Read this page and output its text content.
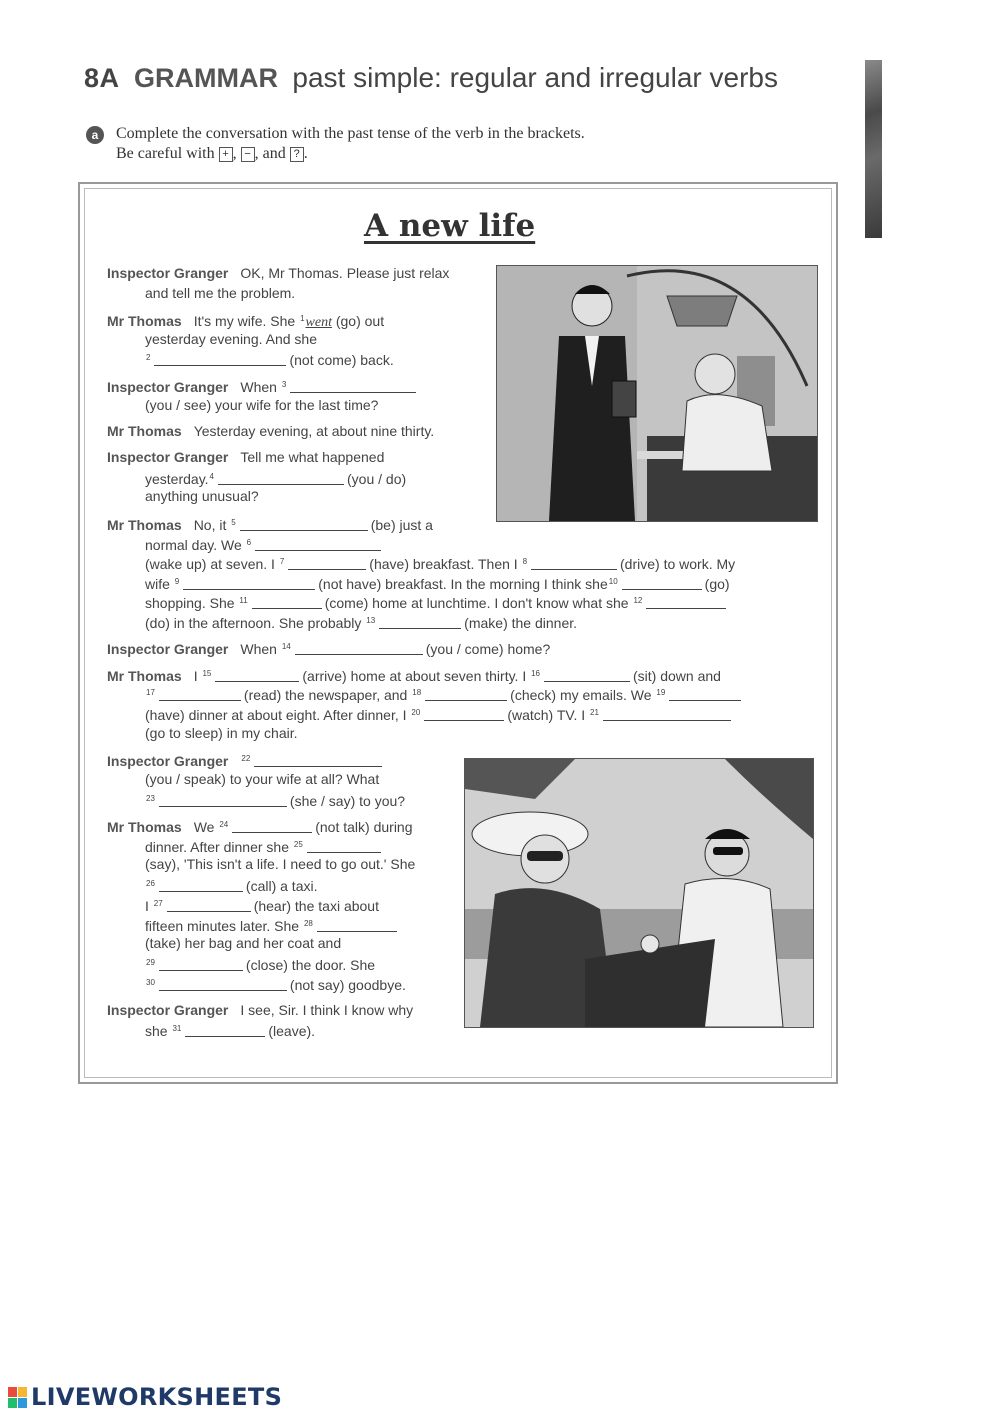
8A GRAMMAR past simple: regular and irregular verbs
a	Complete the conversation with the past tense of the verb in the brackets.
Be careful with + , − , and ? .
A new life
Inspector Granger OK, Mr Thomas. Please just relax
and tell me the problem.
Mr Thomas It's my wife. She $^1$went (go) out
yesterday evening. And she
$^2$	(not come) back.
Inspector Granger When $^3$
(you / see) your wife for the last time?
Mr Thomas Yesterday evening, at about nine thirty.
Inspector Granger Tell me what happened
yesterday.$^4$	(you / do)
anything unusual?
Mr Thomas No, it $^5$	(be) just a
normal day. We $^6$
(wake up) at seven. I $^7$	(have) breakfast. Then I $^8$	(drive) to work. My
wife $^9$	(not have) breakfast. In the morning I think she$^{10}$	(go)
shopping. She $^{11}$	(come) home at lunchtime. I don't know what she $^{12}$
(do) in the afternoon. She probably $^{13}$	(make) the dinner.
Inspector Granger When $^{14}$	(you / come) home?
Mr Thomas I $^{15}$	(arrive) home at about seven thirty. I $^{16}$	(sit) down and
$^{17}$	(read) the newspaper, and $^{18}$	(check) my emails. We $^{19}$
(have) dinner at about eight. After dinner, I $^{20}$	(watch) TV. I $^{21}$
(go to sleep) in my chair.
Inspector Granger $^{22}$
(you / speak) to your wife at all? What
$^{23}$	(she / say) to you?
Mr Thomas We $^{24}$	(not talk) during
dinner. After dinner she $^{25}$
(say), 'This isn't a life. I need to go out.' She
$^{26}$	(call) a taxi.
I $^{27}$	(hear) the taxi about
fifteen minutes later. She $^{28}$
(take) her bag and her coat and
$^{29}$	(close) the door. She
$^{30}$	(not say) goodbye.
Inspector Granger I see, Sir. I think I know why
she $^{31}$	(leave).
LIVEWORKSHEETS
